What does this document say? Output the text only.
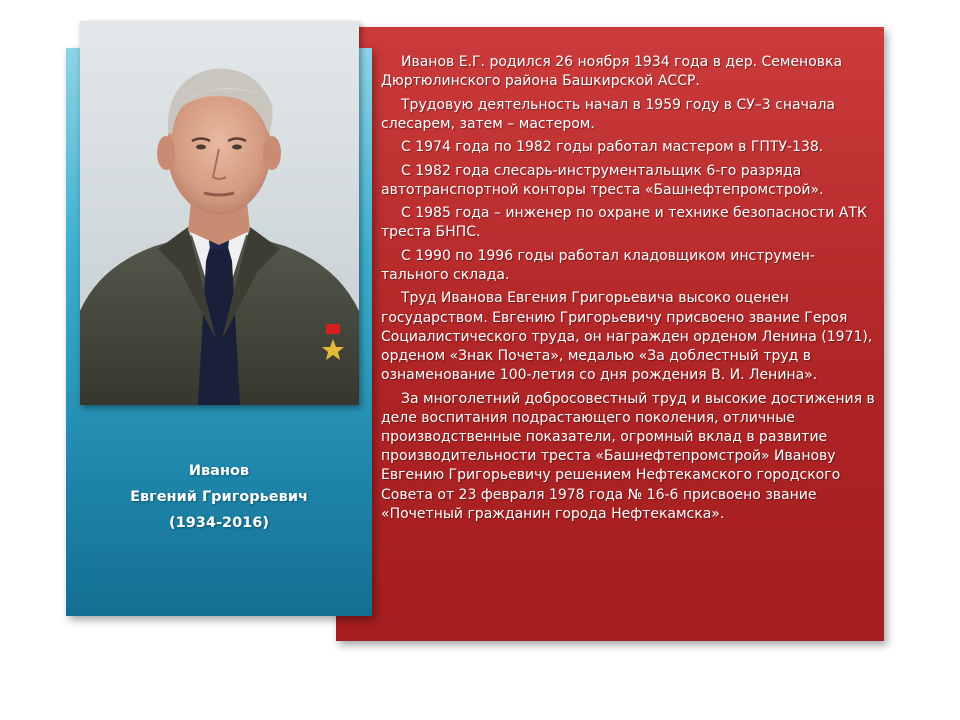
Иванов
Евгений Григорьевич
(1934-2016)

Иванов Е.Г. родился 26 ноября 1934 года в дер. Семеновка Дюртюлинского района Башкирской АССР.

Трудовую деятельность начал в 1959 году в СУ–3 сначала слесарем, затем – мастером.

С 1974 года по 1982 годы работал мастером в ГПТУ-138.

С 1982 года слесарь-инструментальщик 6-го разряда автотранспортной конторы треста «Башнефтепромстрой».

С 1985 года – инженер по охране и технике безопасности АТК треста БНПС.

С 1990 по 1996 годы работал кладовщиком инструмен-тального склада.

Труд Иванова Евгения Григорьевича высоко оценен государством. Евгению Григорьевичу присвоено звание Героя Социалистического труда, он награжден орденом Ленина (1971), орденом «Знак Почета», медалью «За доблестный труд в ознаменование 100-летия со дня рождения В. И. Ленина».

За многолетний добросовестный труд и высокие достижения в деле воспитания подрастающего поколения, отличные производственные показатели, огромный вклад в развитие производительности треста «Башнефтепромстрой» Иванову Евгению Григорьевичу решением Нефтекамского городского Совета от 23 февраля 1978 года № 16-6 присвоено звание «Почетный гражданин города Нефтекамска».
